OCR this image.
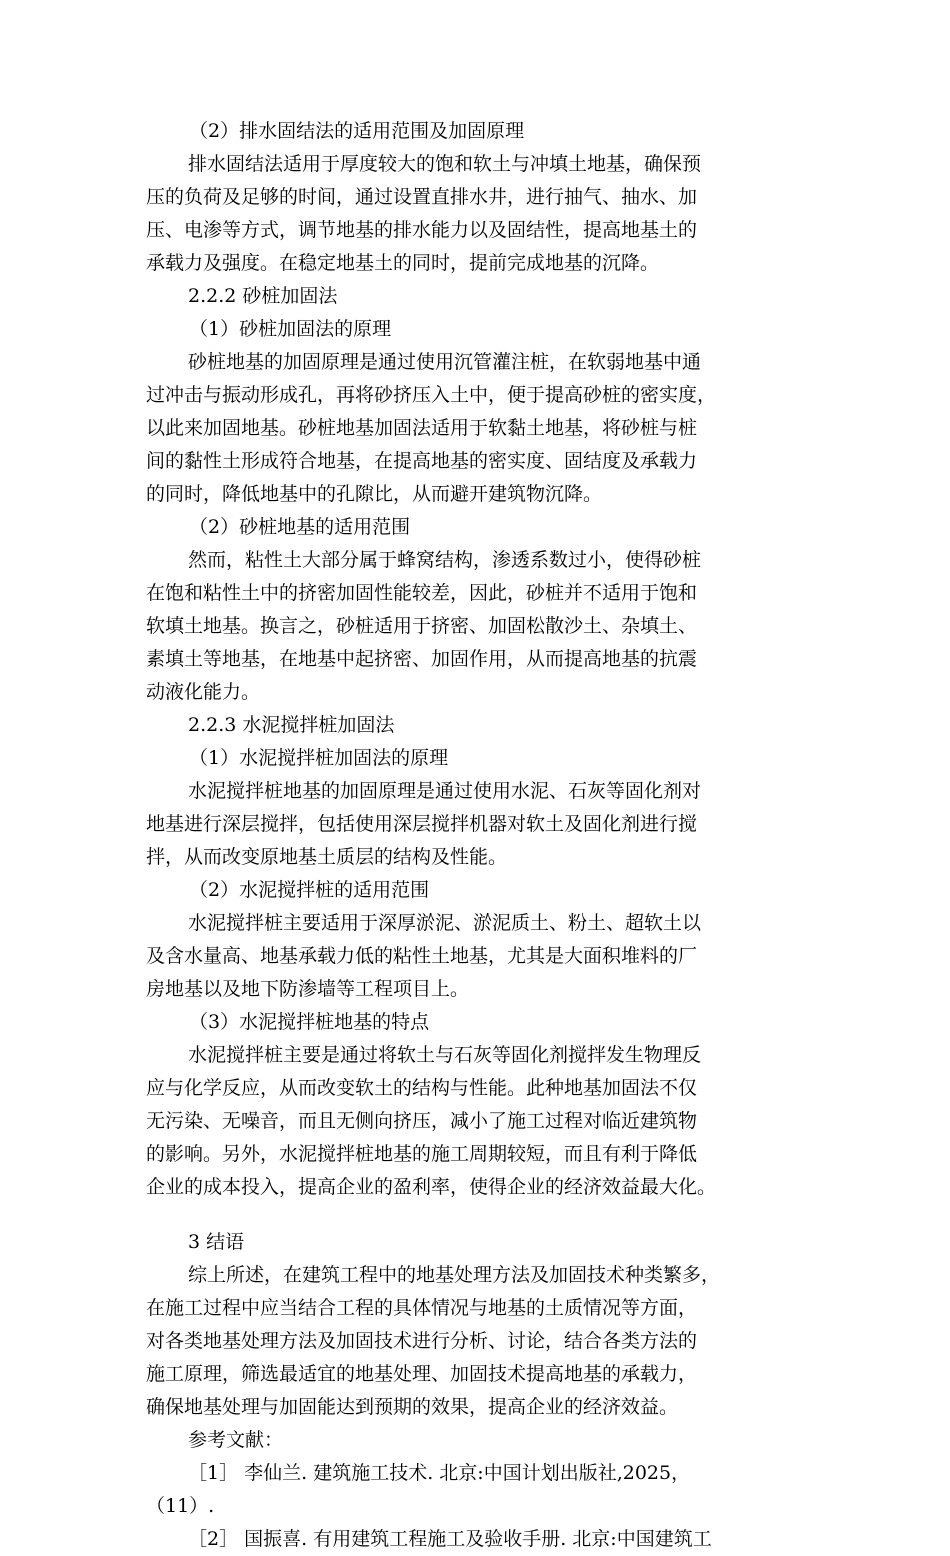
（2）排水固结法的适用范围及加固原理
排水固结法适用于厚度较大的饱和软土与冲填土地基，确保预
压的负荷及足够的时间，通过设置直排水井，进行抽气、抽水、加
压、电渗等方式，调节地基的排水能力以及固结性，提高地基土的
承载力及强度。在稳定地基土的同时，提前完成地基的沉降。
2.2.2 砂桩加固法
（1）砂桩加固法的原理
砂桩地基的加固原理是通过使用沉管灌注桩，在软弱地基中通
过冲击与振动形成孔，再将砂挤压入土中，便于提高砂桩的密实度，
以此来加固地基。砂桩地基加固法适用于软黏土地基，将砂桩与桩
间的黏性土形成符合地基，在提高地基的密实度、固结度及承载力
的同时，降低地基中的孔隙比，从而避开建筑物沉降。
（2）砂桩地基的适用范围
然而，粘性土大部分属于蜂窝结构，渗透系数过小，使得砂桩
在饱和粘性土中的挤密加固性能较差，因此，砂桩并不适用于饱和
软填土地基。换言之，砂桩适用于挤密、加固松散沙土、杂填土、
素填土等地基，在地基中起挤密、加固作用，从而提高地基的抗震
动液化能力。
2.2.3 水泥搅拌桩加固法
（1）水泥搅拌桩加固法的原理
水泥搅拌桩地基的加固原理是通过使用水泥、石灰等固化剂对
地基进行深层搅拌，包括使用深层搅拌机器对软土及固化剂进行搅
拌，从而改变原地基土质层的结构及性能。
（2）水泥搅拌桩的适用范围
水泥搅拌桩主要适用于深厚淤泥、淤泥质土、粉土、超软土以
及含水量高、地基承载力低的粘性土地基，尤其是大面积堆料的厂
房地基以及地下防渗墙等工程项目上。
（3）水泥搅拌桩地基的特点
水泥搅拌桩主要是通过将软土与石灰等固化剂搅拌发生物理反
应与化学反应，从而改变软土的结构与性能。此种地基加固法不仅
无污染、无噪音，而且无侧向挤压，减小了施工过程对临近建筑物
的影响。另外，水泥搅拌桩地基的施工周期较短，而且有利于降低
企业的成本投入，提高企业的盈利率，使得企业的经济效益最大化。
3 结语
综上所述，在建筑工程中的地基处理方法及加固技术种类繁多，
在施工过程中应当结合工程的具体情况与地基的土质情况等方面，
对各类地基处理方法及加固技术进行分析、讨论，结合各类方法的
施工原理，筛选最适宜的地基处理、加固技术提高地基的承载力，
确保地基处理与加固能达到预期的效果，提高企业的经济效益。
参考文献：
［1］ 李仙兰. 建筑施工技术. 北京:中国计划出版社,2025，
（11）.
［2］ 国振喜. 有用建筑工程施工及验收手册. 北京:中国建筑工
